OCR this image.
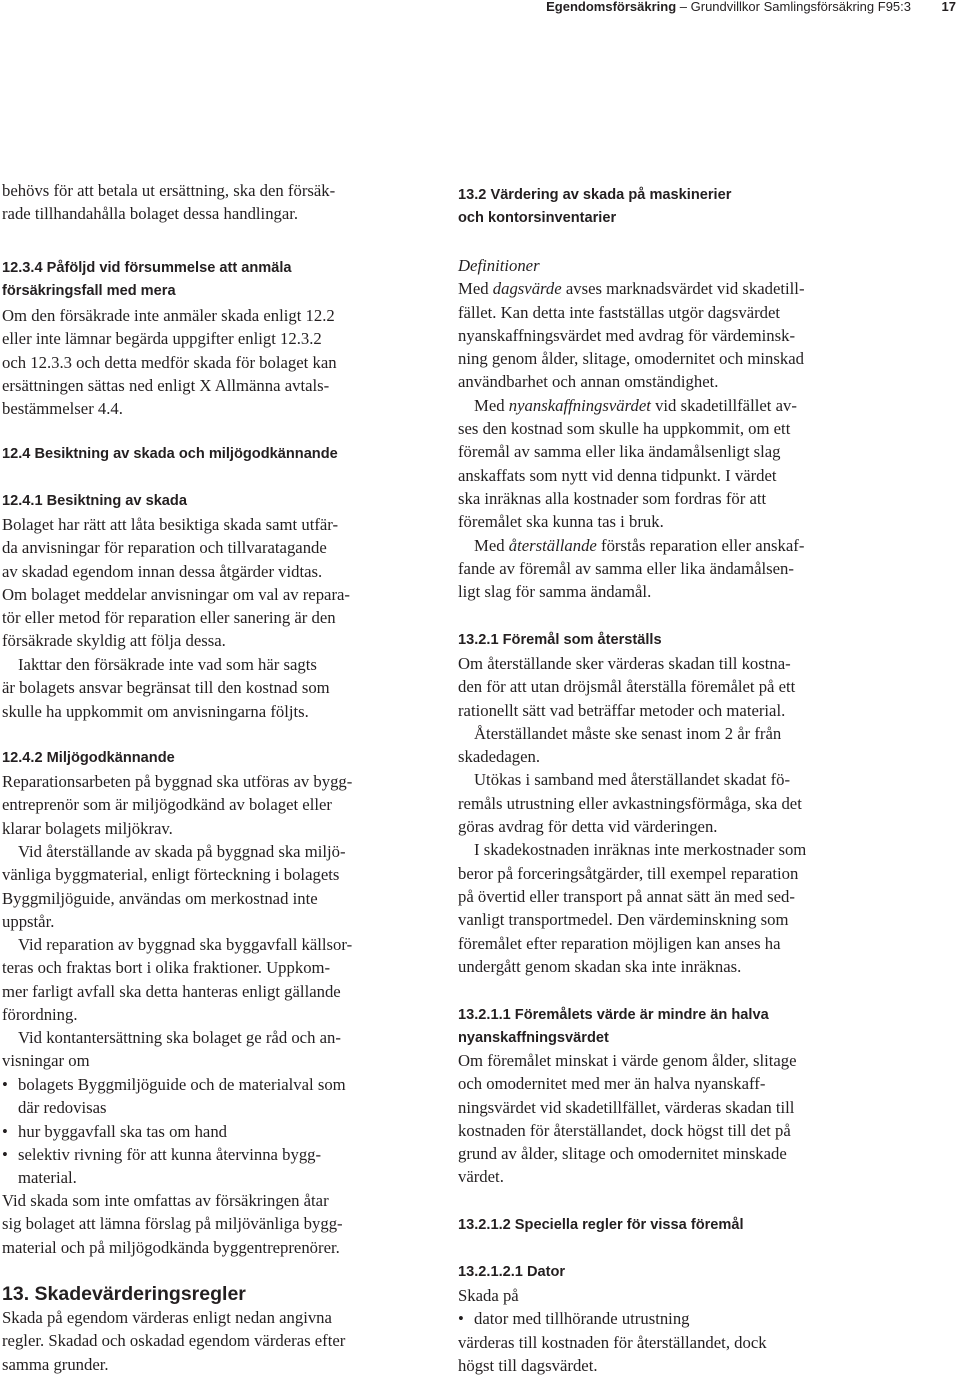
Egendomsförsäkring – Grundvillkor Samlingsförsäkring F95:3 17
behövs för att betala ut ersättning, ska den försäk-
rade tillhandahålla bolaget dessa handlingar.
12.3.4 Påföljd vid försummelse att anmäla
försäkringsfall med mera
Om den försäkrade inte anmäler skada enligt 12.2
eller inte lämnar begärda uppgifter enligt 12.3.2
och 12.3.3 och detta medför skada för bolaget kan
ersättningen sättas ned enligt X Allmänna avtals-
bestämmelser 4.4.
12.4 Besiktning av skada och miljögodkännande
12.4.1 Besiktning av skada
Bolaget har rätt att låta besiktiga skada samt utfär-
da anvisningar för reparation och tillvaratagande
av skadad egendom innan dessa åtgärder vidtas.
Om bolaget meddelar anvisningar om val av repara-
tör eller metod för reparation eller sanering är den
försäkrade skyldig att följa dessa.
Iakttar den försäkrade inte vad som här sagts
är bolagets ansvar begränsat till den kostnad som
skulle ha uppkommit om anvisningarna följts.
12.4.2 Miljögodkännande
Reparationsarbeten på byggnad ska utföras av bygg-
entreprenör som är miljögodkänd av bolaget eller
klarar bolagets miljökrav.
Vid återställande av skada på byggnad ska miljö-
vänliga byggmaterial, enligt förteckning i bolagets
Byggmiljöguide, användas om merkostnad inte
uppstår.
Vid reparation av byggnad ska byggavfall källsor-
teras och fraktas bort i olika fraktioner. Uppkom-
mer farligt avfall ska detta hanteras enligt gällande
förordning.
Vid kontantersättning ska bolaget ge råd och an-
visningar om
• bolagets Byggmiljöguide och de materialval som
där redovisas
• hur byggavfall ska tas om hand
• selektiv rivning för att kunna återvinna bygg-
material.
Vid skada som inte omfattas av försäkringen åtar
sig bolaget att lämna förslag på miljövänliga bygg-
material och på miljögodkända byggentreprenörer.
13. Skadevärderingsregler
Skada på egendom värderas enligt nedan angivna
regler. Skadad och oskadad egendom värderas efter
samma grunder.
13.2 Värdering av skada på maskinerier
och kontorsinventarier
Definitioner
Med dagsvärde avses marknadsvärdet vid skadetill-
fället. Kan detta inte fastställas utgör dagsvärdet
nyanskaffningsvärdet med avdrag för värdeminsk-
ning genom ålder, slitage, omodernitet och minskad
användbarhet och annan omständighet.
Med nyanskaffningsvärdet vid skadetillfället av-
ses den kostnad som skulle ha uppkommit, om ett
föremål av samma eller lika ändamålsenligt slag
anskaffats som nytt vid denna tidpunkt. I värdet
ska inräknas alla kostnader som fordras för att
föremålet ska kunna tas i bruk.
Med återställande förstås reparation eller anskaf-
fande av föremål av samma eller lika ändamålsen-
ligt slag för samma ändamål.
13.2.1 Föremål som återställs
Om återställande sker värderas skadan till kostna-
den för att utan dröjsmål återställa föremålet på ett
rationellt sätt vad beträffar metoder och material.
Återställandet måste ske senast inom 2 år från
skadedagen.
Utökas i samband med återställandet skadat fö-
remåls utrustning eller avkastningsförmåga, ska det
göras avdrag för detta vid värderingen.
I skadekostnaden inräknas inte merkostnader som
beror på forceringsåtgärder, till exempel reparation
på övertid eller transport på annat sätt än med sed-
vanligt transportmedel. Den värdeminskning som
föremålet efter reparation möjligen kan anses ha
undergått genom skadan ska inte inräknas.
13.2.1.1 Föremålets värde är mindre än halva
nyanskaffningsvärdet
Om föremålet minskat i värde genom ålder, slitage
och omodernitet med mer än halva nyanskaff-
ningsvärdet vid skadetillfället, värderas skadan till
kostnaden för återställandet, dock högst till det på
grund av ålder, slitage och omodernitet minskade
värdet.
13.2.1.2 Speciella regler för vissa föremål
13.2.1.2.1 Dator
Skada på
• dator med tillhörande utrustning
värderas till kostnaden för återställandet, dock
högst till dagsvärdet.
